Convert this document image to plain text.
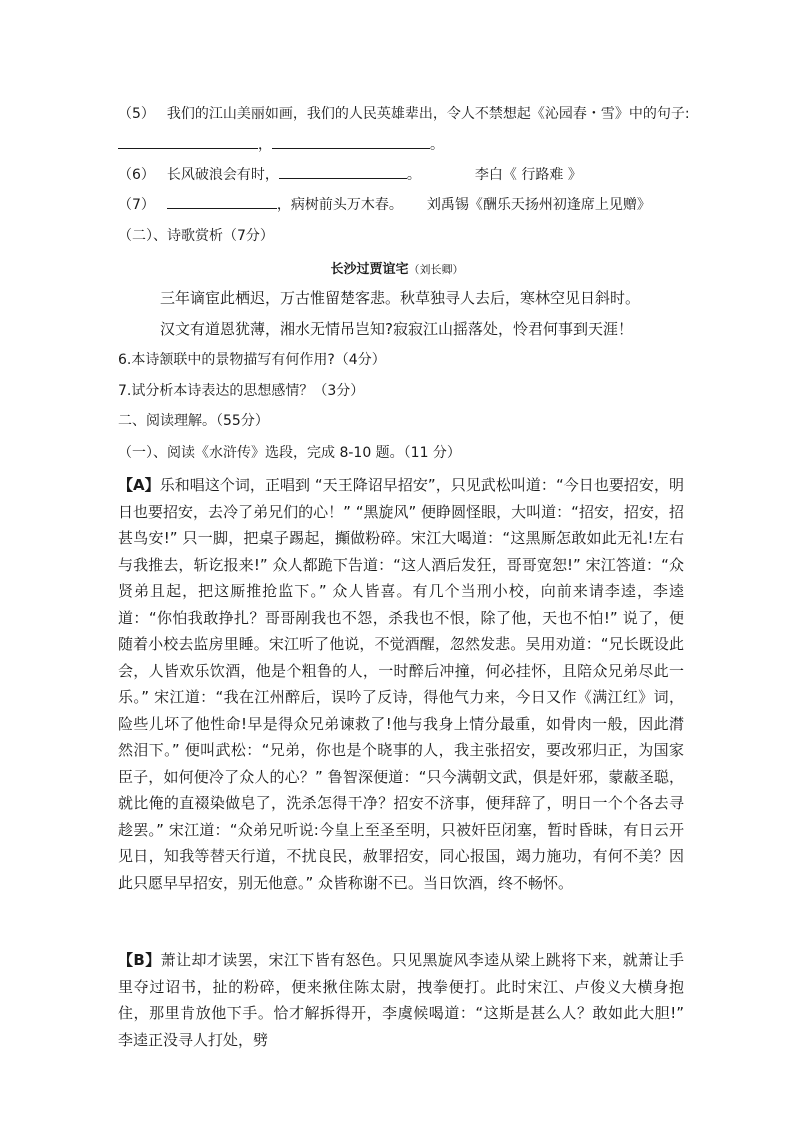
（5） 我们的江山美丽如画，我们的人民英雄辈出，令人不禁想起《沁园春・雪》中的句子:
，	。
（6） 长风破浪会有时，	。	李白《 行路难 》
（7）	，病树前头万木春。 刘禹锡《酬乐天扬州初逢席上见赠》
（二）、诗歌赏析（7分）
长沙过贾谊宅（刘长卿）
三年谪宦此栖迟，万古惟留楚客悲。秋草独寻人去后，寒林空见日斜时。
汉文有道恩犹薄，湘水无情吊岂知?寂寂江山摇落处，怜君何事到天涯！
6.本诗颔联中的景物描写有何作用?（4分）
7.试分析本诗表达的思想感情？（3分）
二、阅读理解。（55分）
（一）、阅读《水浒传》选段，完成 8-10 题。（11 分）

【A】乐和唱这个词，正唱到 “天王降诏早招安”，只见武松叫道：“今日也要招安，明日也要招安，去冷了弟兄们的心！” “黑旋风” 便睁圆怪眼，大叫道：“招安，招安，招甚鸟安!” 只一脚，把桌子踢起，攧做粉碎。宋江大喝道：“这黑厮怎敢如此无礼!左右与我推去，斩讫报来!” 众人都跪下告道：“这人酒后发狂，哥哥宽恕!” 宋江答道：“众贤弟且起，把这厮推抢监下。” 众人皆喜。有几个当刑小校，向前来请李逵，李逵道：“你怕我敢挣扎？哥哥剐我也不怨，杀我也不恨，除了他，天也不怕!” 说了，便随着小校去监房里睡。宋江听了他说，不觉酒醒，忽然发悲。吴用劝道：“兄长既设此会，人皆欢乐饮酒，他是个粗鲁的人，一时醉后冲撞，何必挂怀，且陪众兄弟尽此一乐。” 宋江道：“我在江州醉后，误吟了反诗，得他气力来，今日又作《满江红》词，险些儿坏了他性命!早是得众兄弟谏救了!他与我身上情分最重，如骨肉一般，因此潸然泪下。” 便叫武松：“兄弟，你也是个晓事的人，我主张招安，要改邪归正，为国家臣子，如何便冷了众人的心？” 鲁智深便道：“只今满朝文武，俱是奸邪，蒙蔽圣聪，就比俺的直裰染做皂了，洗杀怎得干净？招安不济事，便拜辞了，明日一个个各去寻趁罢。” 宋江道：“众弟兄听说:今皇上至圣至明，只被奸臣闭塞，暂时昏昧，有日云开见日，知我等替天行道，不扰良民，赦罪招安，同心报国，竭力施功，有何不美？因此只愿早早招安，别无他意。” 众皆称谢不已。当日饮酒，终不畅怀。

【B】萧让却才读罢，宋江下皆有怒色。只见黑旋风李逵从梁上跳将下来，就萧让手里夺过诏书，扯的粉碎，便来揪住陈太尉，拽拳便打。此时宋江、卢俊义大横身抱住，那里肯放他下手。恰才解拆得开，李虞候喝道：“这斯是甚么人？敢如此大胆!” 李逵正没寻人打处，劈
